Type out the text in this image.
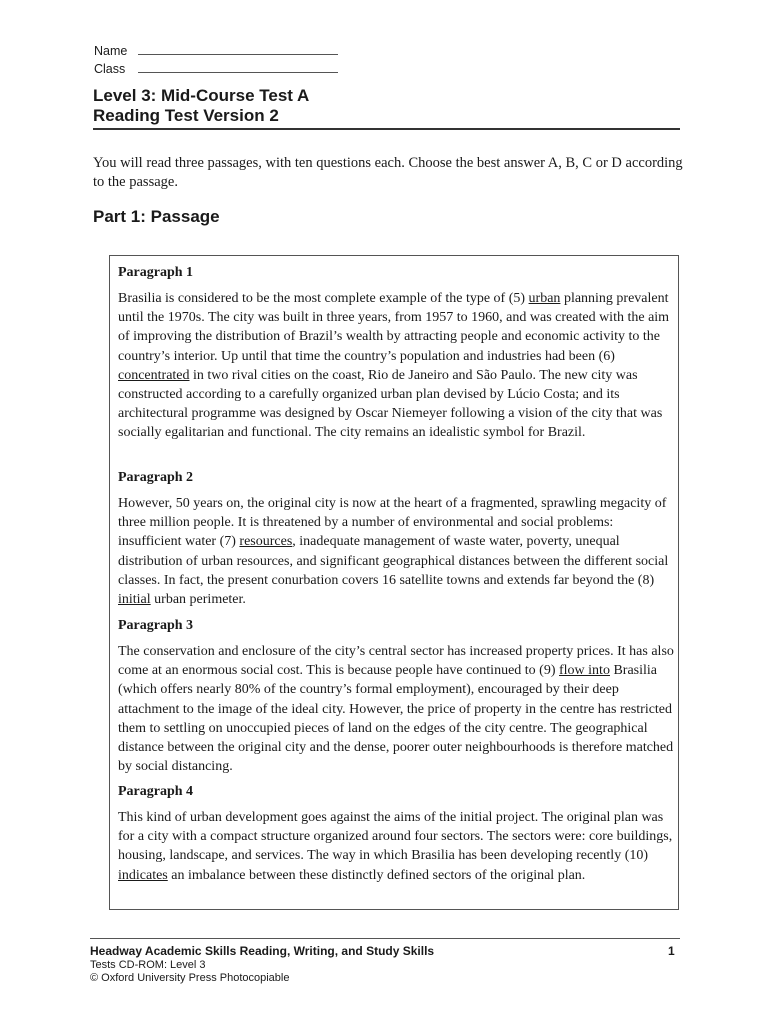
Name
Class
Level 3: Mid-Course Test A
Reading Test Version 2
You will read three passages, with ten questions each. Choose the best answer A, B, C or D according to the passage.
Part 1: Passage
Paragraph 1
Brasilia is considered to be the most complete example of the type of (5) urban planning prevalent until the 1970s. The city was built in three years, from 1957 to 1960, and was created with the aim of improving the distribution of Brazil’s wealth by attracting people and economic activity to the country’s interior. Up until that time the country’s population and industries had been (6) concentrated in two rival cities on the coast, Rio de Janeiro and São Paulo. The new city was constructed according to a carefully organized urban plan devised by Lúcio Costa; and its architectural programme was designed by Oscar Niemeyer following a vision of the city that was socially egalitarian and functional. The city remains an idealistic symbol for Brazil.
Paragraph 2
However, 50 years on, the original city is now at the heart of a fragmented, sprawling megacity of three million people. It is threatened by a number of environmental and social problems: insufficient water (7) resources, inadequate management of waste water, poverty, unequal distribution of urban resources, and significant geographical distances between the different social classes. In fact, the present conurbation covers 16 satellite towns and extends far beyond the (8) initial urban perimeter.
Paragraph 3
The conservation and enclosure of the city’s central sector has increased property prices. It has also come at an enormous social cost. This is because people have continued to (9) flow into Brasilia (which offers nearly 80% of the country’s formal employment), encouraged by their deep attachment to the image of the ideal city. However, the price of property in the centre has restricted them to settling on unoccupied pieces of land on the edges of the city centre. The geographical distance between the original city and the dense, poorer outer neighbourhoods is therefore matched by social distancing.
Paragraph 4
This kind of urban development goes against the aims of the initial project. The original plan was for a city with a compact structure organized around four sectors. The sectors were: core buildings, housing, landscape, and services. The way in which Brasilia has been developing recently (10) indicates an imbalance between these distinctly defined sectors of the original plan.
Headway Academic Skills Reading, Writing, and Study Skills	1
Tests CD-ROM: Level 3
© Oxford University Press Photocopiable
